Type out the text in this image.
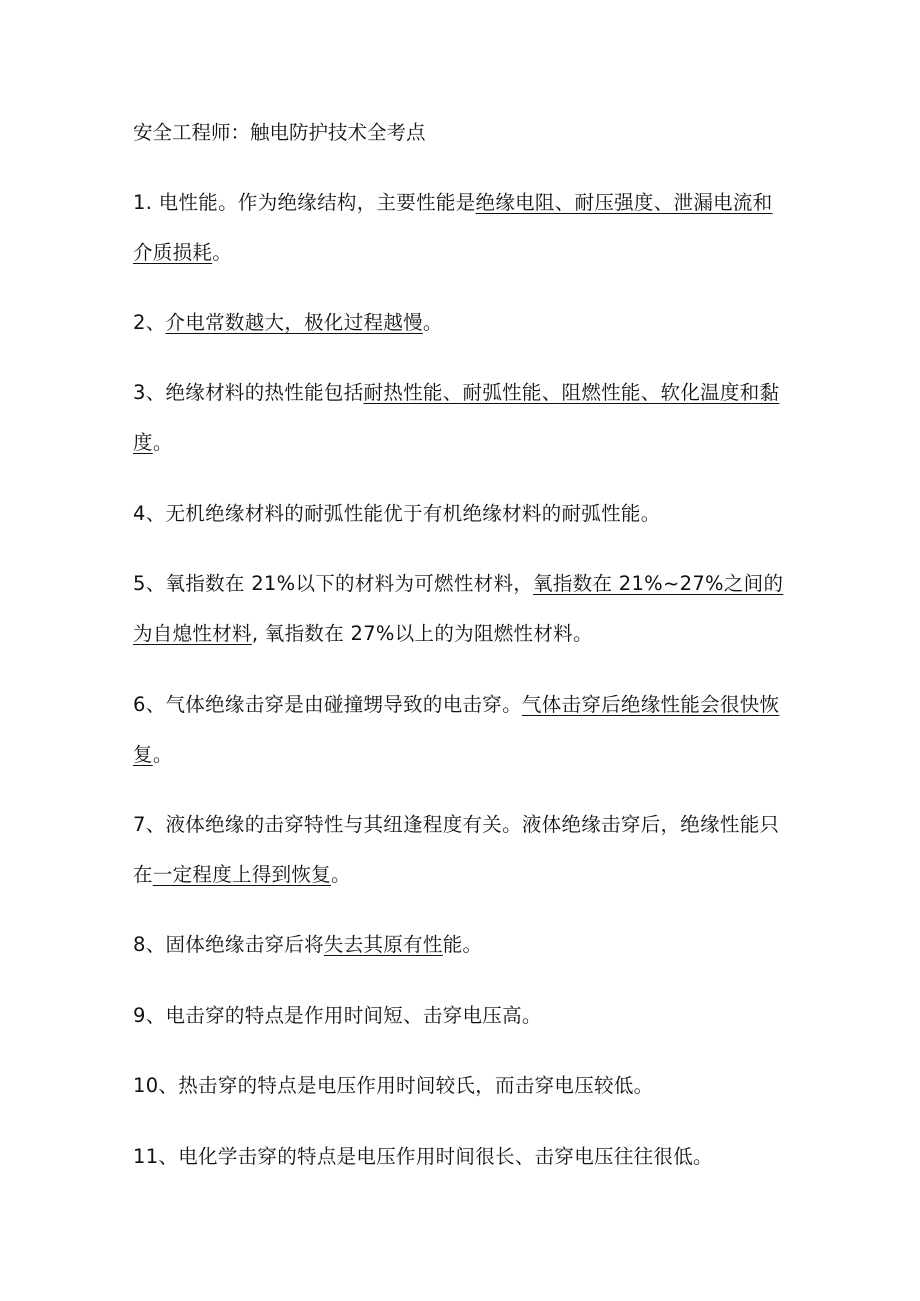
安全工程师：触电防护技术全考点
1. 电性能。作为绝缘结构，主要性能是绝缘电阻、耐压强度、泄漏电流和
介质损耗。
2、介电常数越大，极化过程越慢。
3、绝缘材料的热性能包括耐热性能、耐弧性能、阻燃性能、软化温度和黏
度。
4、无机绝缘材料的耐弧性能优于有机绝缘材料的耐弧性能。
5、氧指数在 21%以下的材料为可燃性材料，氧指数在 21%~27%之间的
为自熄性材料, 氧指数在 27%以上的为阻燃性材料。
6、气体绝缘击穿是由碰撞甥导致的电击穿。气体击穿后绝缘性能会很快恢
复。
7、液体绝缘的击穿特性与其纽逢程度有关。液体绝缘击穿后，绝缘性能只
在一定程度上得到恢复。
8、固体绝缘击穿后将失去其原有性能。
9、电击穿的特点是作用时间短、击穿电压高。
10、热击穿的特点是电压作用时间较氏，而击穿电压较低。
11、电化学击穿的特点是电压作用时间很长、击穿电压往往很低。
